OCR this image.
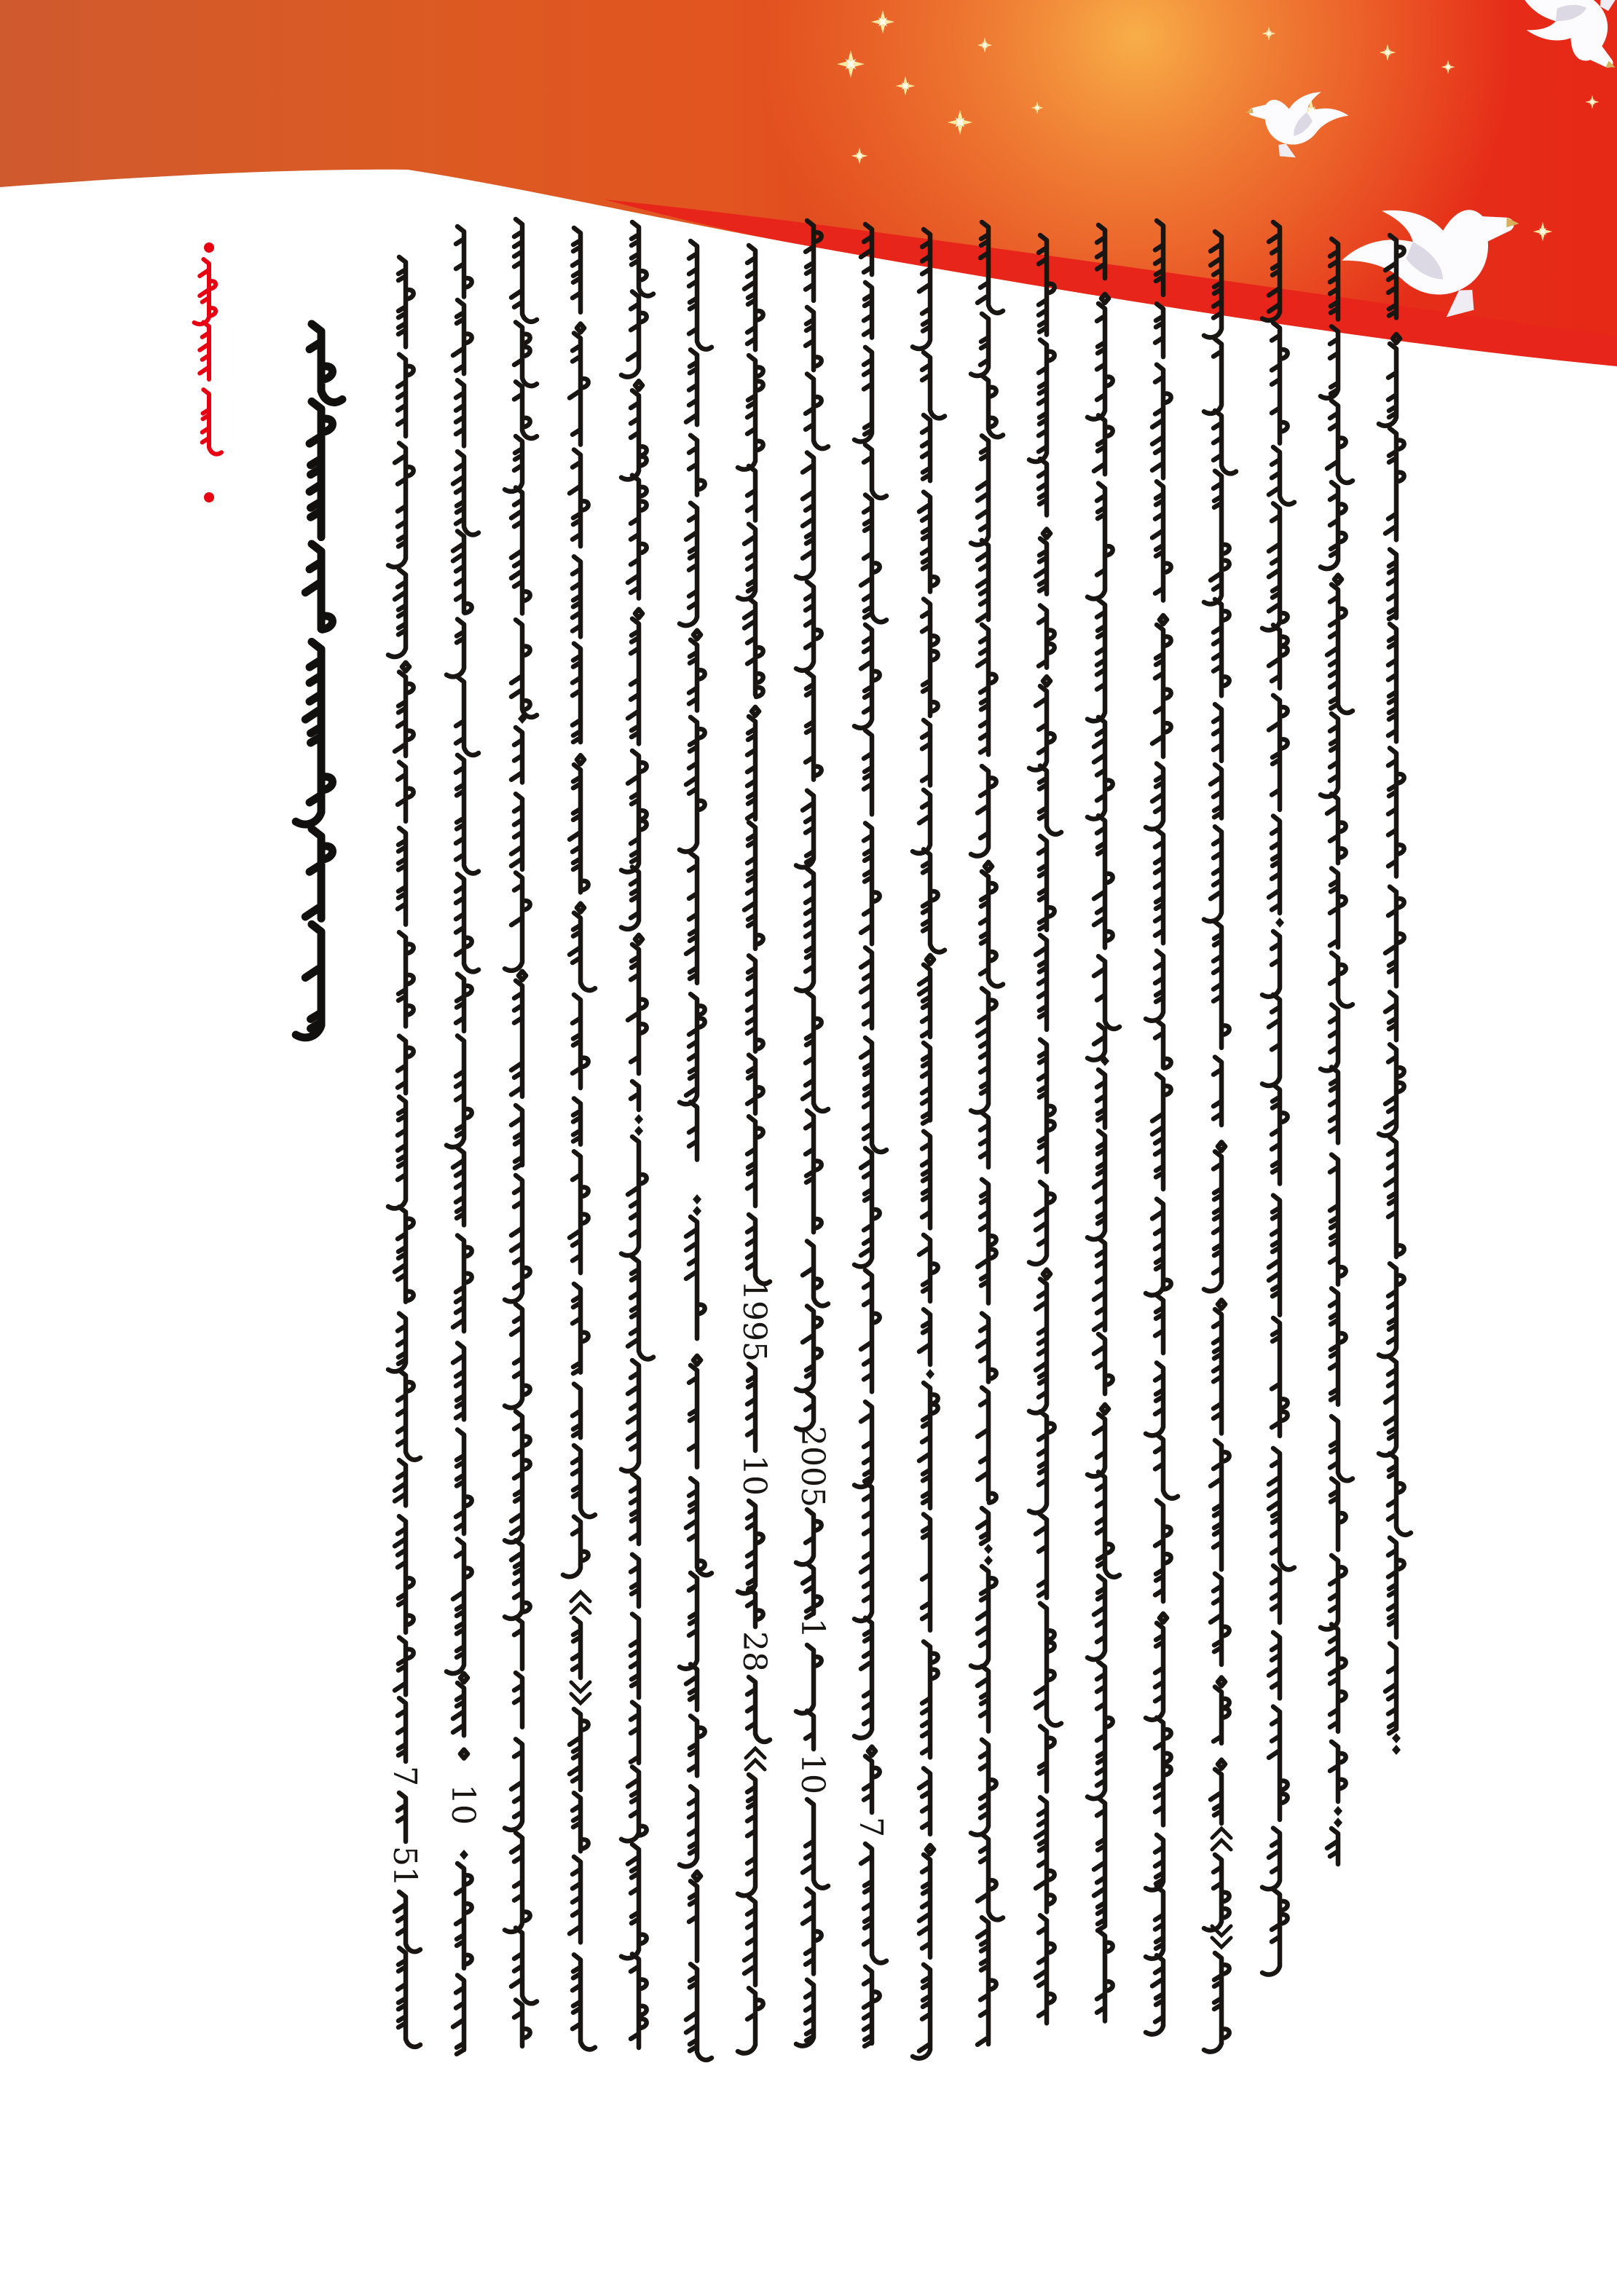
7
51
10
1995
10
28
2005
1
10
7
